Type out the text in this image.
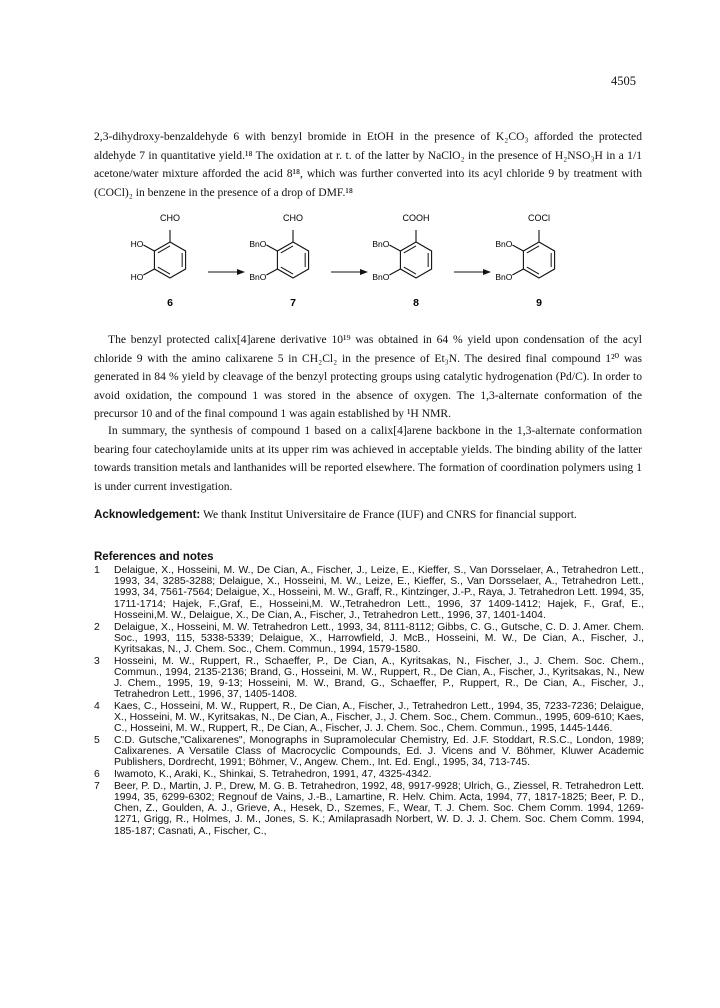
4505

2,3-dihydroxy-benzaldehyde 6 with benzyl bromide in EtOH in the presence of K₂CO₃ afforded the protected aldehyde 7 in quantitative yield.¹⁸ The oxidation at r. t. of the latter by NaClO₂ in the presence of H₂NSO₃H in a 1/1 acetone/water mixture afforded the acid 8¹⁸, which was further converted into its acyl chloride 9 by treatment with (COCl)₂ in benzene in the presence of a drop of DMF.¹⁸

CHO
HO
HO
6
CHO
BnO
BnO
7
COOH
BnO
BnO
8
COCl
BnO
BnO
9

The benzyl protected calix[4]arene derivative 10¹⁹ was obtained in 64 % yield upon condensation of the acyl chloride 9 with the amino calixarene 5 in CH₂Cl₂ in the presence of Et₃N. The desired final compound 1²⁰ was generated in 84 % yield by cleavage of the benzyl protecting groups using catalytic hydrogenation (Pd/C). In order to avoid oxidation, the compound 1 was stored in the absence of oxygen. The 1,3-alternate conformation of the precursor 10 and of the final compound 1 was again established by ¹H NMR.

In summary, the synthesis of compound 1 based on a calix[4]arene backbone in the 1,3-alternate conformation bearing four catechoylamide units at its upper rim was achieved in acceptable yields. The binding ability of the latter towards transition metals and lanthanides will be reported elsewhere. The formation of coordination polymers using 1 is under current investigation.

Acknowledgement: We thank Institut Universitaire de France (IUF) and CNRS for financial support.

References and notes

1	Delaigue, X., Hosseini, M. W., De Cian, A., Fischer, J., Leize, E., Kieffer, S., Van Dorsselaer, A., Tetrahedron Lett., 1993, 34, 3285-3288; Delaigue, X., Hosseini, M. W., Leize, E., Kieffer, S., Van Dorsselaer, A., Tetrahedron Lett., 1993, 34, 7561-7564; Delaigue, X., Hosseini, M. W., Graff, R., Kintzinger, J.-P., Raya, J. Tetrahedron Lett. 1994, 35, 1711-1714; Hajek, F.,Graf, E., Hosseini,M. W.,Tetrahedron Lett., 1996, 37 1409-1412; Hajek, F., Graf, E., Hosseini,M. W., Delaigue, X., De Cian, A., Fischer, J., Tetrahedron Lett., 1996, 37, 1401-1404.
2	Delaigue, X., Hosseini, M. W. Tetrahedron Lett., 1993, 34, 8111-8112; Gibbs, C. G., Gutsche, C. D. J. Amer. Chem. Soc., 1993, 115, 5338-5339; Delaigue, X., Harrowfield, J. McB., Hosseini, M. W., De Cian, A., Fischer, J., Kyritsakas, N., J. Chem. Soc., Chem. Commun., 1994, 1579-1580.
3	Hosseini, M. W., Ruppert, R., Schaeffer, P., De Cian, A., Kyritsakas, N., Fischer, J., J. Chem. Soc. Chem., Commun., 1994, 2135-2136; Brand, G., Hosseini, M. W., Ruppert, R., De Cian, A., Fischer, J., Kyritsakas, N., New J. Chem., 1995, 19, 9-13; Hosseini, M. W., Brand, G., Schaeffer, P., Ruppert, R., De Cian, A., Fischer, J., Tetrahedron Lett., 1996, 37, 1405-1408.
4	Kaes, C., Hosseini, M. W., Ruppert, R., De Cian, A., Fischer, J., Tetrahedron Lett., 1994, 35, 7233-7236; Delaigue, X., Hosseini, M. W., Kyritsakas, N., De Cian, A., Fischer, J., J. Chem. Soc., Chem. Commun., 1995, 609-610; Kaes, C., Hosseini, M. W., Ruppert, R., De Cian, A., Fischer, J. J. Chem. Soc., Chem. Commun., 1995, 1445-1446.
5	C.D. Gutsche,"Calixarenes", Monographs in Supramolecular Chemistry, Ed. J.F. Stoddart, R.S.C., London, 1989; Calixarenes. A Versatile Class of Macrocyclic Compounds, Ed. J. Vicens and V. Böhmer, Kluwer Academic Publishers, Dordrecht, 1991; Böhmer, V., Angew. Chem., Int. Ed. Engl., 1995, 34, 713-745.
6	Iwamoto, K., Araki, K., Shinkai, S. Tetrahedron, 1991, 47, 4325-4342.
7	Beer, P. D., Martin, J. P., Drew, M. G. B. Tetrahedron, 1992, 48, 9917-9928; Ulrich, G., Ziessel, R. Tetrahedron Lett. 1994, 35, 6299-6302; Regnouf de Vains, J.-B., Lamartine, R. Helv. Chim. Acta, 1994, 77, 1817-1825; Beer, P. D., Chen, Z., Goulden, A. J., Grieve, A., Hesek, D., Szemes, F., Wear, T. J. Chem. Soc. Chem Comm. 1994, 1269-1271, Grigg, R., Holmes, J. M., Jones, S. K.; Amilaprasadh Norbert, W. D. J. J. Chem. Soc. Chem Comm. 1994, 185-187; Casnati, A., Fischer, C.,
